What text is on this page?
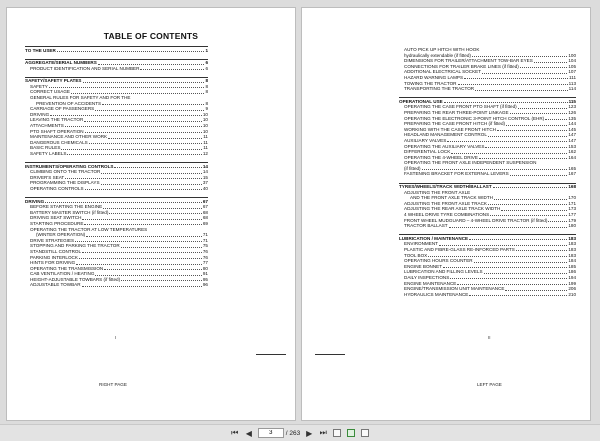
TABLE OF CONTENTS
TO THE USER	1
AGGREGATE/SERIAL NUMBERS	6
PRODUCT IDENTIFICATION AND SERIAL NUMBER	6
SAFETY/SAFETY PLATES	8
SAFETY	8
CORRECT USAGE	8
GENERAL RULES FOR SAFETY AND FOR THE
PREVENTION OF ACCIDENTS	8
CARRIAGE OF PASSENGERS	9
DRIVING	10
LEAVING THE TRACTOR	10
ATTACHMENTS	10
PTO SHAFT OPERATION	10
MAINTENANCE AND OTHER WORK	11
DANGEROUS CHEMICALS	11
BASIC RULES	11
SAFETY LABELS	12
INSTRUMENTS/OPERATING CONTROLS	14
CLIMBING ONTO THE TRACTOR	14
DRIVER'S SEAT	15
PROGRAMMING THE DISPLAYS	37
OPERATING CONTROLS	40
DRIVING	67
BEFORE STARTING THE ENGINE	67
BATTERY MASTER SWITCH (if fitted)	68
DRIVING SEAT SWITCH	68
STARTING PROCEDURE	69
OPERATING THE TRACTOR AT LOW TEMPERATURES
(WINTER OPERATION)	71
DRIVE STRATEGIES	71
STOPPING AND PARKING THE TRACTOR	75
STANDSTILL CONTROL	76
PARKING INTERLOCK	76
HINTS FOR DRIVING	77
OPERATING THE TRANSMISSION	80
CAB VENTILATION / HEATING	91
HEIGHT-ADJUSTABLE TOWBARS (if fitted)	95
ADJUSTABLE TOWBAR	96
I
RIGHT PAGE
AUTO PICK UP HITCH WITH HOOK
hydraulically extendable (if fitted)	100
DIMENSIONS FOR TRAILER/ATTACHMENT TOW-BAR EYES	104
CONNECTIONS FOR TRAILER BRAKE LINES (if fitted)	105
ADDITIONAL ELECTRICAL SOCKET	107
HAZARD WARNING LAMPS	111
TOWING THE TRACTOR	113
TRANSPORTING THE TRACTOR	114
OPERATIONAL USE	115
OPERATING THE CASE FRONT PTO SHAFT (if fitted)	123
PREPARING THE REAR THREE-POINT LINKAGE	126
OPERATING THE ELECTRONIC 3-POINT HITCH CONTROL (EHR)	135
PREPARING THE CASE FRONT HITCH (if fitted)	144
WORKING WITH THE CASE FRONT HITCH	145
HEADLAND MANAGEMENT CONTROL	147
AUXILIARY VALVES	147
OPERATING THE AUXILIARY VALVES	153
DIFFERENTIAL LOCK	162
OPERATING THE 4-WHEEL DRIVE	164
OPERATING THE FRONT AXLE INDEPENDENT SUSPENSION
(if fitted)	165
FASTENING BRACKET FOR EXTERNAL LEVERS	167
TYRES/WHEELS/TRACK WIDTH/BALLAST	168
ADJUSTING THE FRONT AXLE
AND THE FRONT AXLE TRACK WIDTH	170
ADJUSTING THE FRONT AXLE TRACK	171
ADJUSTING THE REAR AXLE TRACK WIDTH	173
4 WHEEL DRIVE TYRE COMBINATIONS	177
FRONT WHEEL MUDGUARD – 4-WHEEL DRIVE TRACTOR (if fitted)	179
TRACTOR BALLAST	180
LUBRICATION / MAINTENANCE	183
ENVIRONMENT	183
PLASTIC AND FIBRE-GLASS RE-INFORCED PARTS	183
TOOL BOX	183
OPERATING HOURS COUNTER	184
ENGINE BONNET	185
LUBRICATION AND FILLING LEVELS	186
DAILY INSPECTIONS	194
ENGINE MAINTENANCE	199
ENGINE/TRANSMISSION UNIT MAINTENANCE	206
HYDRAULICS MAINTENANCE	210
II
LEFT PAGE
⏮ ◀
3	/ 263 ▶ ⏭
